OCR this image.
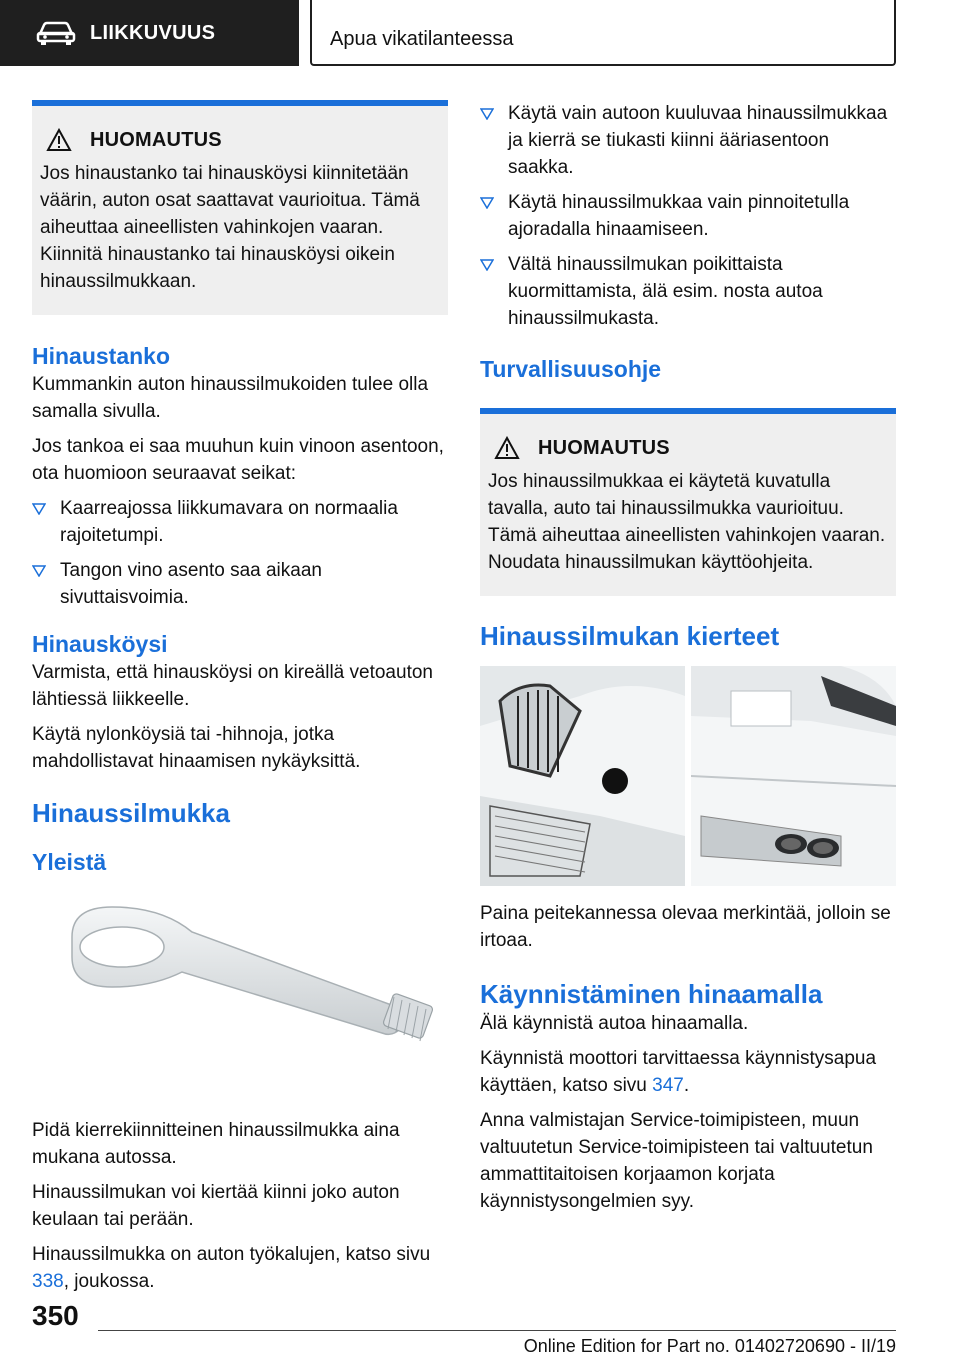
LIIKKUVUUS	Apua vikatilanteessa
HUOMAUTUS

Jos hinaustanko tai hinausköysi kiinnitetään väärin, auton osat saattavat vaurioitua. Tämä aiheuttaa aineellisten vahinkojen vaaran. Kiinnitä hinaustanko tai hinausköysi oikein hinaussilmukkaan.

Hinaustanko

Kummankin auton hinaussilmukoiden tulee olla samalla sivulla.

Jos tankoa ei saa muuhun kuin vinoon asentoon, ota huomioon seuraavat seikat:

Kaarreajossa liikkumavara on normaalia rajoitetumpi.
Tangon vino asento saa aikaan sivuttaisvoimia.
Hinausköysi

Varmista, että hinausköysi on kireällä vetoauton lähtiessä liikkeelle.

Käytä nylonköysiä tai -hihnoja, jotka mahdollistavat hinaamisen nykäyksittä.

Hinaussilmukka
Yleistä

Pidä kierrekiinnitteinen hinaussilmukka aina mukana autossa.

Hinaussilmukan voi kiertää kiinni joko auton keulaan tai perään.

Hinaussilmukka on auton työkalujen, katso sivu 338, joukossa.

Käytä vain autoon kuuluvaa hinaussilmukkaa ja kierrä se tiukasti kiinni ääriasentoon saakka.
Käytä hinaussilmukkaa vain pinnoitetulla ajoradalla hinaamiseen.
Vältä hinaussilmukan poikittaista kuormittamista, älä esim. nosta autoa hinaussilmukasta.
Turvallisuusohje
HUOMAUTUS

Jos hinaussilmukkaa ei käytetä kuvatulla tavalla, auto tai hinaussilmukka vaurioituu. Tämä aiheuttaa aineellisten vahinkojen vaaran. Noudata hinaussilmukan käyttöohjeita.

Hinaussilmukan kierteet

Paina peitekannessa olevaa merkintää, jolloin se irtoaa.

Käynnistäminen hinaamalla

Älä käynnistä autoa hinaamalla.

Käynnistä moottori tarvittaessa käynnistysapua käyttäen, katso sivu 347.

Anna valmistajan Service-toimipisteen, muun valtuutetun Service-toimipisteen tai valtuutetun ammattitaitoisen korjaamon korjata käynnistysongelmien syy.

350
Online Edition for Part no. 01402720690 - II/19
